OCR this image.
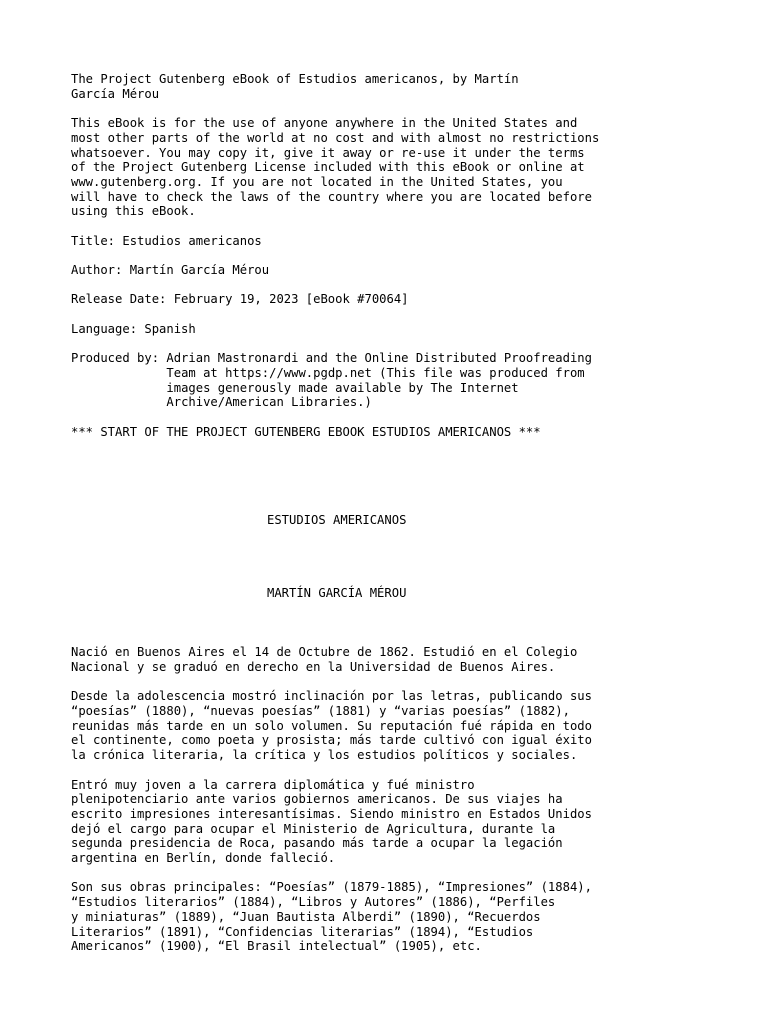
The Project Gutenberg eBook of Estudios americanos, by Martín
García Mérou

This eBook is for the use of anyone anywhere in the United States and
most other parts of the world at no cost and with almost no restrictions
whatsoever. You may copy it, give it away or re-use it under the terms
of the Project Gutenberg License included with this eBook or online at
www.gutenberg.org. If you are not located in the United States, you
will have to check the laws of the country where you are located before
using this eBook.

Title: Estudios americanos

Author: Martín García Mérou

Release Date: February 19, 2023 [eBook #70064]

Language: Spanish

Produced by: Adrian Mastronardi and the Online Distributed Proofreading
Team at https://www.pgdp.net (This file was produced from
images generously made available by The Internet
Archive/American Libraries.)

*** START OF THE PROJECT GUTENBERG EBOOK ESTUDIOS AMERICANOS ***

ESTUDIOS AMERICANOS

MARTÍN GARCÍA MÉROU

Nació en Buenos Aires el 14 de Octubre de 1862. Estudió en el Colegio
Nacional y se graduó en derecho en la Universidad de Buenos Aires.

Desde la adolescencia mostró inclinación por las letras, publicando sus
“poesías” (1880), “nuevas poesías” (1881) y “varias poesías” (1882),
reunidas más tarde en un solo volumen. Su reputación fué rápida en todo
el continente, como poeta y prosista; más tarde cultivó con igual éxito
la crónica literaria, la crítica y los estudios políticos y sociales.

Entró muy joven a la carrera diplomática y fué ministro
plenipotenciario ante varios gobiernos americanos. De sus viajes ha
escrito impresiones interesantísimas. Siendo ministro en Estados Unidos
dejó el cargo para ocupar el Ministerio de Agricultura, durante la
segunda presidencia de Roca, pasando más tarde a ocupar la legación
argentina en Berlín, donde falleció.

Son sus obras principales: “Poesías” (1879-1885), “Impresiones” (1884),
“Estudios literarios” (1884), “Libros y Autores” (1886), “Perfiles
y miniaturas” (1889), “Juan Bautista Alberdi” (1890), “Recuerdos
Literarios” (1891), “Confidencias literarias” (1894), “Estudios
Americanos” (1900), “El Brasil intelectual” (1905), etc.
